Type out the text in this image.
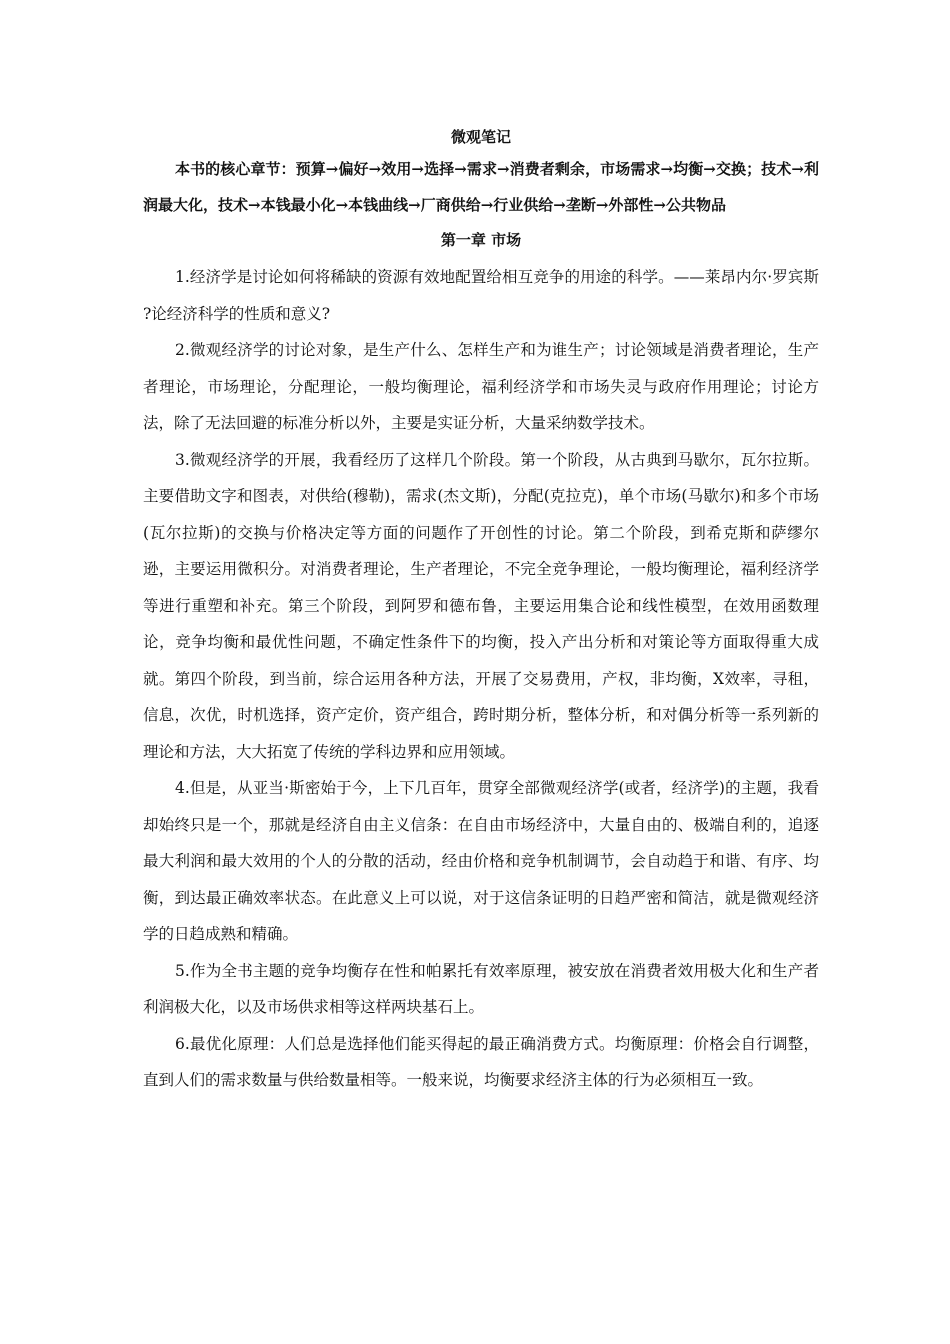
微观笔记

本书的核心章节：预算→偏好→效用→选择→需求→消费者剩余，市场需求→均衡→交换；技术→利润最大化，技术→本钱最小化→本钱曲线→厂商供给→行业供给→垄断→外部性→公共物品

第一章 市场

1.经济学是讨论如何将稀缺的资源有效地配置给相互竞争的用途的科学。——莱昂内尔·罗宾斯 ?论经济科学的性质和意义?

2.微观经济学的讨论对象，是生产什么、怎样生产和为谁生产；讨论领域是消费者理论，生产者理论，市场理论，分配理论，一般均衡理论，福利经济学和市场失灵与政府作用理论；讨论方法，除了无法回避的标准分析以外，主要是实证分析，大量采纳数学技术。

3.微观经济学的开展，我看经历了这样几个阶段。第一个阶段，从古典到马歇尔，瓦尔拉斯。主要借助文字和图表，对供给(穆勒)，需求(杰文斯)，分配(克拉克)，单个市场(马歇尔)和多个市场(瓦尔拉斯)的交换与价格决定等方面的问题作了开创性的讨论。第二个阶段，到希克斯和萨缪尔逊，主要运用微积分。对消费者理论，生产者理论，不完全竞争理论，一般均衡理论，福利经济学等进行重塑和补充。第三个阶段，到阿罗和德布鲁，主要运用集合论和线性模型，在效用函数理论，竞争均衡和最优性问题，不确定性条件下的均衡，投入产出分析和对策论等方面取得重大成就。第四个阶段，到当前，综合运用各种方法，开展了交易费用，产权，非均衡，X效率，寻租，信息，次优，时机选择，资产定价，资产组合，跨时期分析，整体分析，和对偶分析等一系列新的理论和方法，大大拓宽了传统的学科边界和应用领域。

4.但是，从亚当·斯密始于今，上下几百年，贯穿全部微观经济学(或者，经济学)的主题，我看却始终只是一个，那就是经济自由主义信条：在自由市场经济中，大量自由的、极端自利的，追逐最大利润和最大效用的个人的分散的活动，经由价格和竞争机制调节，会自动趋于和谐、有序、均衡，到达最正确效率状态。在此意义上可以说，对于这信条证明的日趋严密和简洁，就是微观经济学的日趋成熟和精确。

5.作为全书主题的竞争均衡存在性和帕累托有效率原理，被安放在消费者效用极大化和生产者利润极大化，以及市场供求相等这样两块基石上。

6.最优化原理：人们总是选择他们能买得起的最正确消费方式。均衡原理：价格会自行调整，直到人们的需求数量与供给数量相等。一般来说，均衡要求经济主体的行为必须相互一致。
